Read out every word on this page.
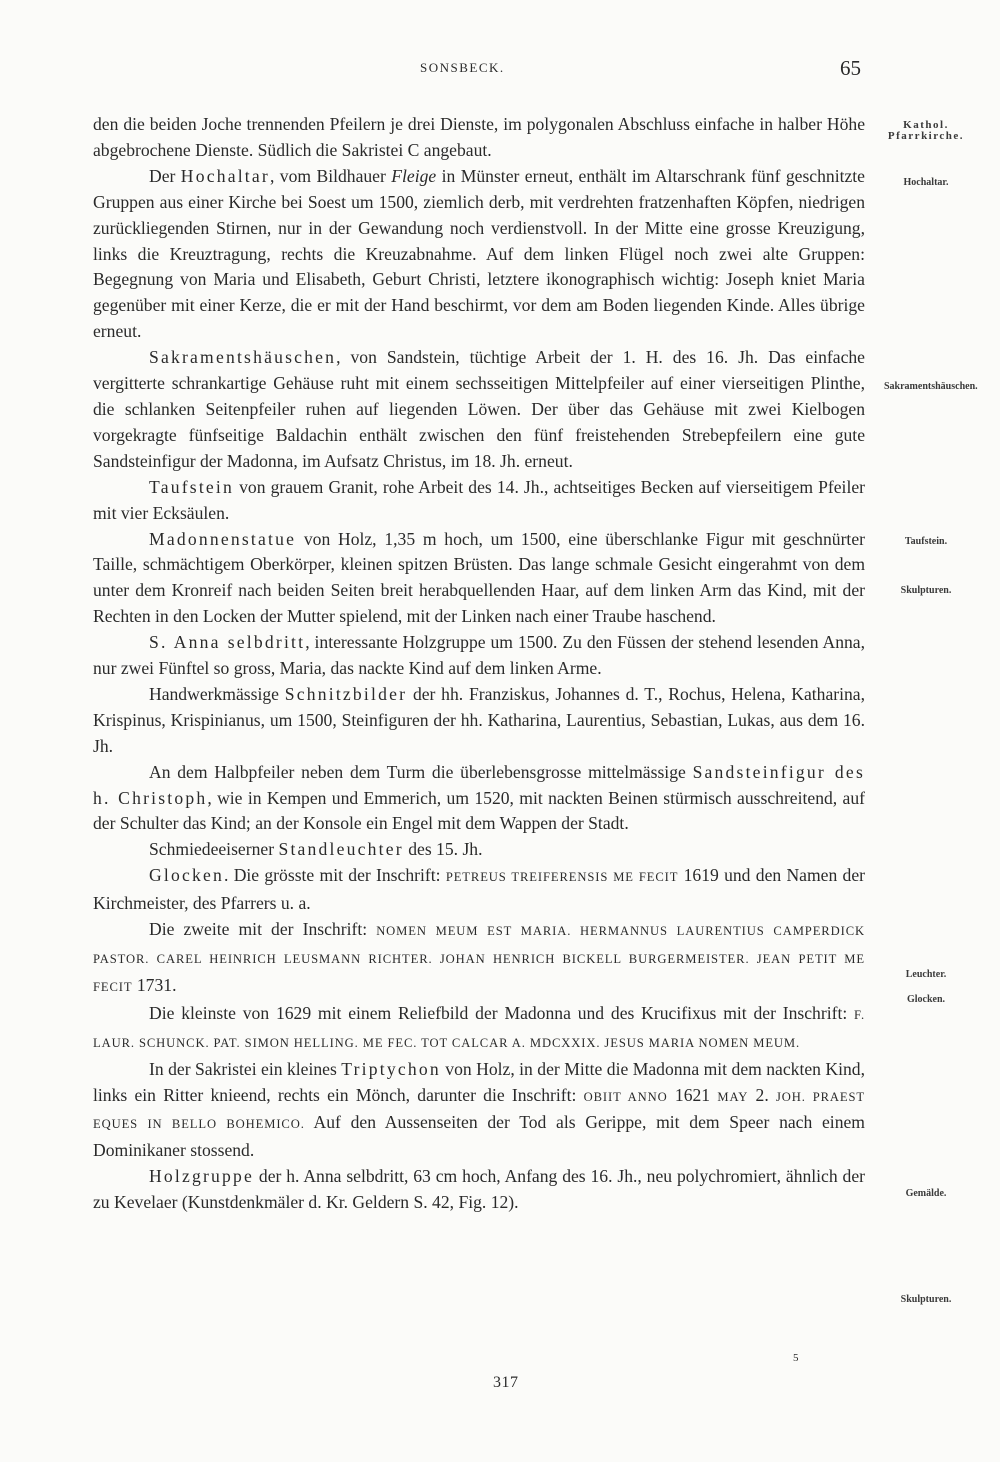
SONSBECK.	65

den die beiden Joche trennenden Pfeilern je drei Dienste, im polygonalen Abschluss einfache in halber Höhe abgebrochene Dienste. Südlich die Sakristei C angebaut.

Der Hochaltar, vom Bildhauer Fleige in Münster erneut, enthält im Altarschrank fünf geschnitzte Gruppen aus einer Kirche bei Soest um 1500, ziemlich derb, mit verdrehten fratzenhaften Köpfen, niedrigen zurückliegenden Stirnen, nur in der Gewandung noch verdienstvoll. In der Mitte eine grosse Kreuzigung, links die Kreuztragung, rechts die Kreuzabnahme. Auf dem linken Flügel noch zwei alte Gruppen: Begegnung von Maria und Elisabeth, Geburt Christi, letztere ikonographisch wichtig: Joseph kniet Maria gegenüber mit einer Kerze, die er mit der Hand beschirmt, vor dem am Boden liegenden Kinde. Alles übrige erneut.

Sakramentshäuschen, von Sandstein, tüchtige Arbeit der 1. H. des 16. Jh. Das einfache vergitterte schrankartige Gehäuse ruht mit einem sechsseitigen Mittelpfeiler auf einer vierseitigen Plinthe, die schlanken Seitenpfeiler ruhen auf liegenden Löwen. Der über das Gehäuse mit zwei Kielbogen vorgekragte fünfseitige Baldachin enthält zwischen den fünf freistehenden Strebepfeilern eine gute Sandsteinfigur der Madonna, im Aufsatz Christus, im 18. Jh. erneut.

Taufstein von grauem Granit, rohe Arbeit des 14. Jh., achtseitiges Becken auf vierseitigem Pfeiler mit vier Ecksäulen.

Madonnenstatue von Holz, 1,35 m hoch, um 1500, eine überschlanke Figur mit geschnürter Taille, schmächtigem Oberkörper, kleinen spitzen Brüsten. Das lange schmale Gesicht eingerahmt von dem unter dem Kronreif nach beiden Seiten breit herabquellenden Haar, auf dem linken Arm das Kind, mit der Rechten in den Locken der Mutter spielend, mit der Linken nach einer Traube haschend.

S. Anna selbdritt, interessante Holzgruppe um 1500. Zu den Füssen der stehend lesenden Anna, nur zwei Fünftel so gross, Maria, das nackte Kind auf dem linken Arme.

Handwerkmässige Schnitzbilder der hh. Franziskus, Johannes d. T., Rochus, Helena, Katharina, Krispinus, Krispinianus, um 1500, Steinfiguren der hh. Katharina, Laurentius, Sebastian, Lukas, aus dem 16. Jh.

An dem Halbpfeiler neben dem Turm die überlebensgrosse mittelmässige Sandsteinfigur des h. Christoph, wie in Kempen und Emmerich, um 1520, mit nackten Beinen stürmisch ausschreitend, auf der Schulter das Kind; an der Konsole ein Engel mit dem Wappen der Stadt.

Schmiedeeiserner Standleuchter des 15. Jh.

Glocken. Die grösste mit der Inschrift: PETREUS TREIFERENSIS ME FECIT 1619 und den Namen der Kirchmeister, des Pfarrers u. a.

Die zweite mit der Inschrift: NOMEN MEUM EST MARIA. HERMANNUS LAURENTIUS CAMPERDICK PASTOR. CAREL HEINRICH LEUSMANN RICHTER. JOHAN HENRICH BICKELL BURGERMEISTER. JEAN PETIT ME FECIT 1731.

Die kleinste von 1629 mit einem Reliefbild der Madonna und des Krucifixus mit der Inschrift: F. LAUR. SCHUNCK. PAT. SIMON HELLING. ME FEC. TOT CALCAR A. MDCXXIX. JESUS MARIA NOMEN MEUM.

In der Sakristei ein kleines Triptychon von Holz, in der Mitte die Madonna mit dem nackten Kind, links ein Ritter knieend, rechts ein Mönch, darunter die Inschrift: OBIIT ANNO 1621 MAY 2. JOH. PRAEST EQUES IN BELLO BOHEMICO. Auf den Aussenseiten der Tod als Gerippe, mit dem Speer nach einem Dominikaner stossend.

Holzgruppe der h. Anna selbdritt, 63 cm hoch, Anfang des 16. Jh., neu polychromiert, ähnlich der zu Kevelaer (Kunstdenkmäler d. Kr. Geldern S. 42, Fig. 12).

Kathol. Pfarrkirche.
Hochaltar.
Sakramentshäuschen.
Taufstein.
Skulpturen.
Leuchter.
Glocken.
Gemälde.
Skulpturen.
5
317
